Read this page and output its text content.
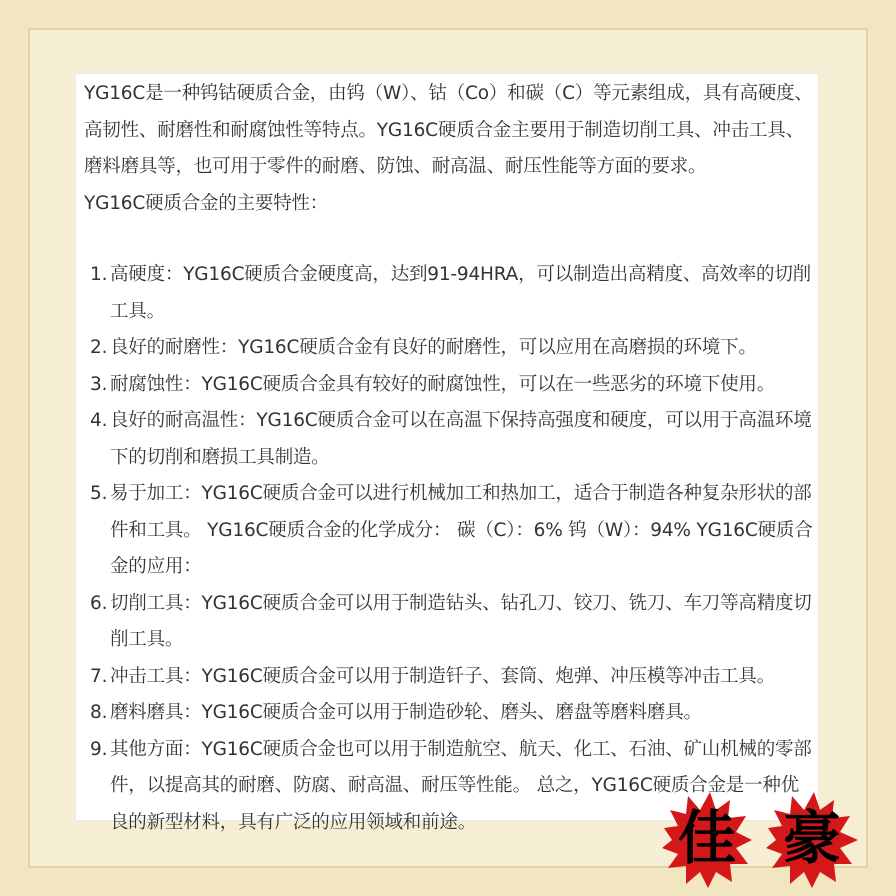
YG16C是一种钨钴硬质合金，由钨（W）、钴（Co）和碳（C）等元素组成，具有高硬度、高韧性、耐磨性和耐腐蚀性等特点。YG16C硬质合金主要用于制造切削工具、冲击工具、磨料磨具等，也可用于零件的耐磨、防蚀、耐高温、耐压性能等方面的要求。

YG16C硬质合金的主要特性：

1. 高硬度：YG16C硬质合金硬度高，达到91-94HRA，可以制造出高精度、高效率的切削工具。
2. 良好的耐磨性：YG16C硬质合金有良好的耐磨性，可以应用在高磨损的环境下。
3. 耐腐蚀性：YG16C硬质合金具有较好的耐腐蚀性，可以在一些恶劣的环境下使用。
4. 良好的耐高温性：YG16C硬质合金可以在高温下保持高强度和硬度，可以用于高温环境下的切削和磨损工具制造。
5. 易于加工：YG16C硬质合金可以进行机械加工和热加工，适合于制造各种复杂形状的部件和工具。 YG16C硬质合金的化学成分： 碳（C）：6% 钨（W）：94% YG16C硬质合金的应用：
6. 切削工具：YG16C硬质合金可以用于制造钻头、钻孔刀、铰刀、铣刀、车刀等高精度切削工具。
7. 冲击工具：YG16C硬质合金可以用于制造钎子、套筒、炮弹、冲压模等冲击工具。
8. 磨料磨具：YG16C硬质合金可以用于制造砂轮、磨头、磨盘等磨料磨具。
9. 其他方面：YG16C硬质合金也可以用于制造航空、航天、化工、石油、矿山机械的零部件，以提高其的耐磨、防腐、耐高温、耐压等性能。 总之，YG16C硬质合金是一种优良的新型材料，具有广泛的应用领域和前途。	佳 豪
